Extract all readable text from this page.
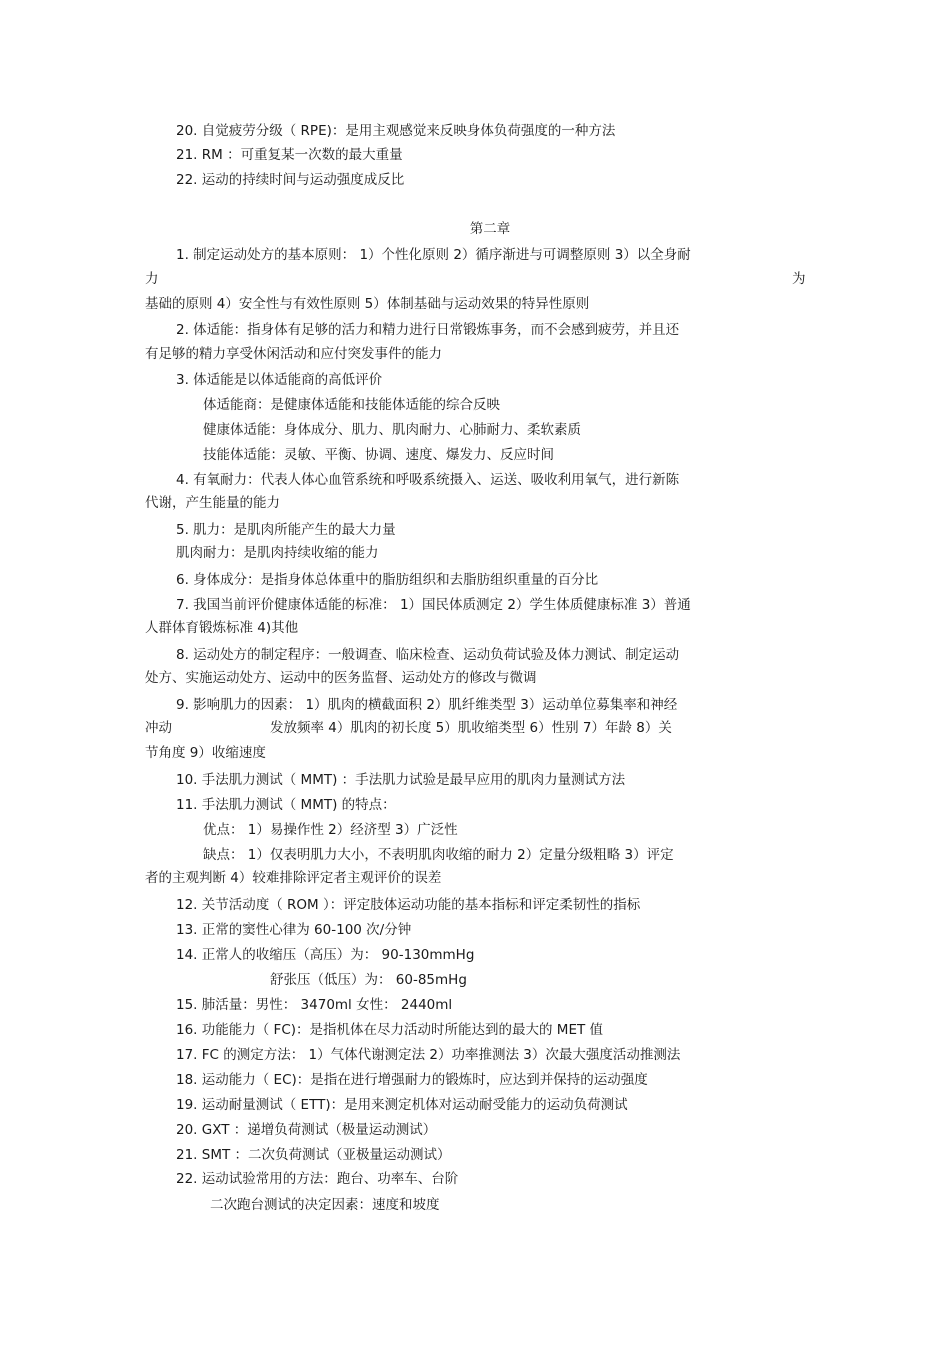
20. 自觉疲劳分级（ RPE)：是用主观感觉来反映身体负荷强度的一种方法
21. RM ：可重复某一次数的最大重量
22. 运动的持续时间与运动强度成反比
第二章
1. 制定运动处方的基本原则： 1）个性化原则 2）循序渐进与可调整原则 3）以全身耐
力	为
基础的原则 4）安全性与有效性原则 5）体制基础与运动效果的特异性原则
2. 体适能：指身体有足够的活力和精力进行日常锻炼事务，而不会感到疲劳，并且还
有足够的精力享受休闲活动和应付突发事件的能力
3. 体适能是以体适能商的高低评价
体适能商：是健康体适能和技能体适能的综合反映
健康体适能：身体成分、肌力、肌肉耐力、心肺耐力、柔软素质
技能体适能：灵敏、平衡、协调、速度、爆发力、反应时间
4. 有氧耐力：代表人体心血管系统和呼吸系统摄入、运送、吸收利用氧气，进行新陈
代谢，产生能量的能力
5. 肌力：是肌肉所能产生的最大力量
肌肉耐力：是肌肉持续收缩的能力
6. 身体成分：是指身体总体重中的脂肪组织和去脂肪组织重量的百分比
7. 我国当前评价健康体适能的标准： 1）国民体质测定 2）学生体质健康标准 3）普通
人群体育锻炼标准 4)其他
8. 运动处方的制定程序：一般调查、临床检查、运动负荷试验及体力测试、制定运动
处方、实施运动处方、运动中的医务监督、运动处方的修改与微调
9. 影响肌力的因素： 1）肌肉的横截面积 2）肌纤维类型 3）运动单位募集率和神经
冲动	发放频率 4）肌肉的初长度 5）肌收缩类型 6）性别 7）年龄 8）关
节角度 9）收缩速度
10. 手法肌力测试（ MMT) ：手法肌力试验是最早应用的肌肉力量测试方法
11. 手法肌力测试（ MMT) 的特点：
优点： 1）易操作性 2）经济型 3）广泛性
缺点： 1）仅表明肌力大小，不表明肌肉收缩的耐力 2）定量分级粗略 3）评定
者的主观判断 4）较难排除评定者主观评价的误差
12. 关节活动度（ ROM ）：评定肢体运动功能的基本指标和评定柔韧性的指标
13. 正常的窦性心律为 60-100 次/分钟
14. 正常人的收缩压（高压）为： 90-130mmHg
舒张压（低压）为： 60-85mHg
15. 肺活量：男性： 3470ml 女性： 2440ml
16. 功能能力（ FC)：是指机体在尽力活动时所能达到的最大的 MET 值
17. FC 的测定方法： 1）气体代谢测定法 2）功率推测法 3）次最大强度活动推测法
18. 运动能力（ EC)：是指在进行增强耐力的锻炼时，应达到并保持的运动强度
19. 运动耐量测试（ ETT)：是用来测定机体对运动耐受能力的运动负荷测试
20. GXT ：递增负荷测试（极量运动测试）
21. SMT ：二次负荷测试（亚极量运动测试）
22. 运动试验常用的方法：跑台、功率车、台阶
二次跑台测试的决定因素：速度和坡度
